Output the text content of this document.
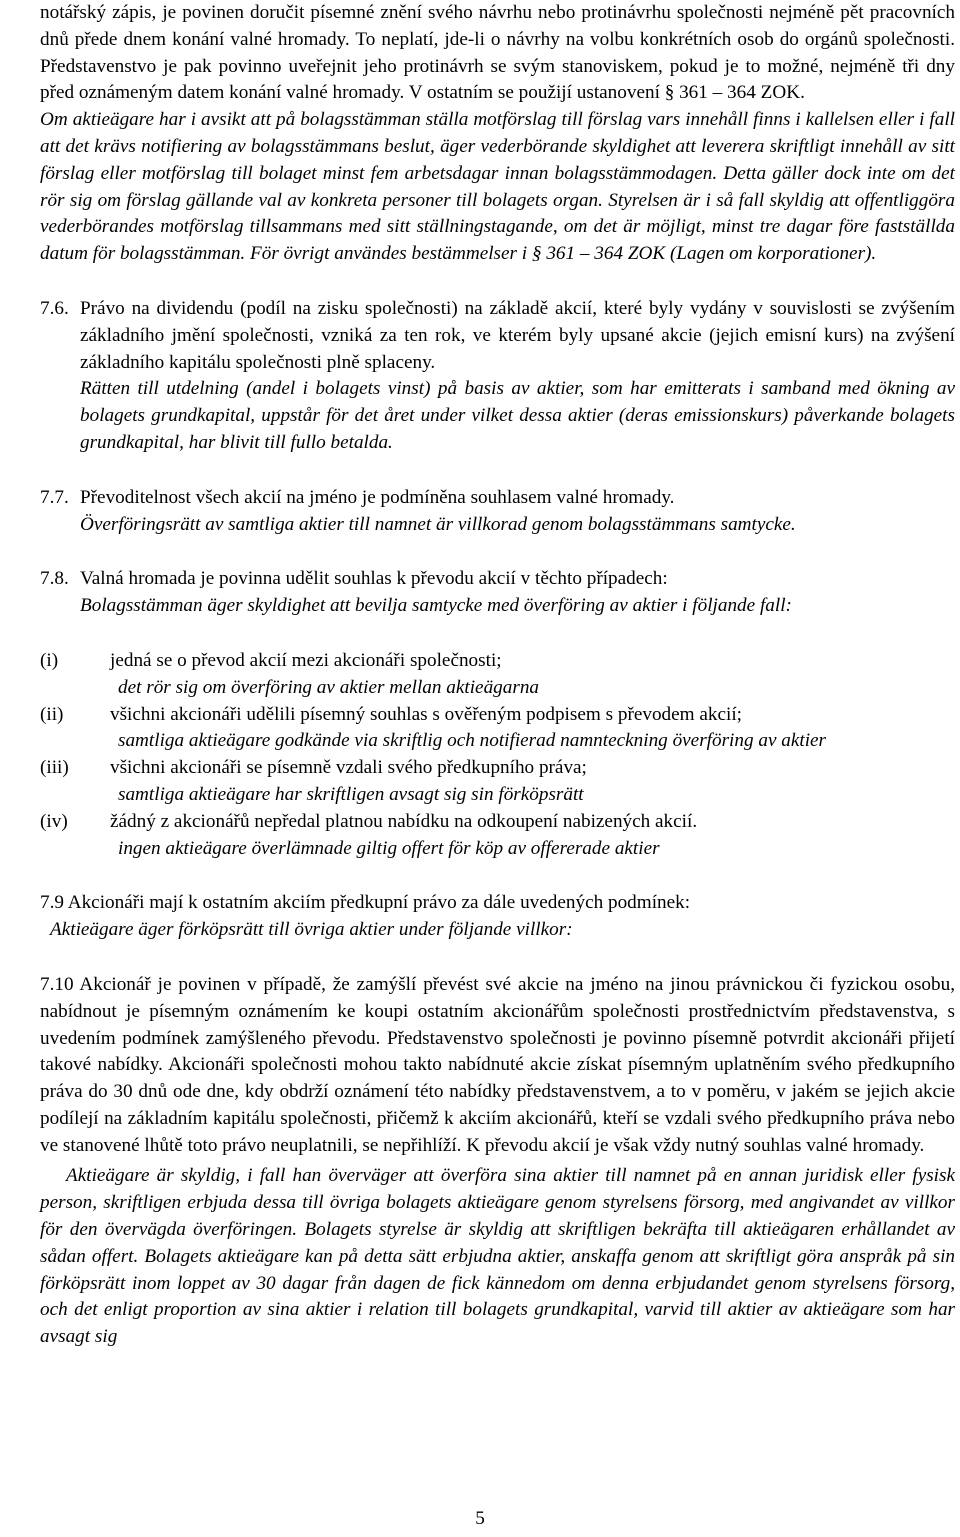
notářský zápis, je povinen doručit písemné znění svého návrhu nebo protinávrhu společnosti nejméně pět pracovních dnů přede dnem konání valné hromady. To neplatí, jde-li o návrhy na volbu konkrétních osob do orgánů společnosti. Představenstvo je pak povinno uveřejnit jeho protinávrh se svým stanoviskem, pokud je to možné, nejméně tři dny před oznámeným datem konání valné hromady. V ostatním se použijí ustanovení § 361 – 364 ZOK.

Om aktieägare har i avsikt att på bolagsstämman ställa motförslag till förslag vars innehåll finns i kallelsen eller i fall att det krävs notifiering av bolagsstämmans beslut, äger vederbörande skyldighet att leverera skriftligt innehåll av sitt förslag eller motförslag till bolaget minst fem arbetsdagar innan bolagsstämmodagen. Detta gäller dock inte om det rör sig om förslag gällande val av konkreta personer till bolagets organ. Styrelsen är i så fall skyldig att offentliggöra vederbörandes motförslag tillsammans med sitt ställningstagande, om det är möjligt, minst tre dagar före fastställda datum för bolagsstämman. För övrigt användes bestämmelser i § 361 – 364 ZOK (Lagen om korporationer).

7.6. Právo na dividendu (podíl na zisku společnosti) na základě akcií, které byly vydány v souvislosti se zvýšením základního jmění společnosti, vzniká za ten rok, ve kterém byly upsané akcie (jejich emisní kurs) na zvýšení základního kapitálu společnosti plně splaceny.

Rätten till utdelning (andel i bolagets vinst) på basis av aktier, som har emitterats i samband med ökning av bolagets grundkapital, uppstår för det året under vilket dessa aktier (deras emissionskurs) påverkande bolagets grundkapital, har blivit till fullo betalda.

7.7. Převoditelnost všech akcií na jméno je podmíněna souhlasem valné hromady.

Överföringsrätt av samtliga aktier till namnet är villkorad genom bolagsstämmans samtycke.

7.8. Valná hromada je povinna udělit souhlas k převodu akcií v těchto případech:

Bolagsstämman äger skyldighet att bevilja samtycke med överföring av aktier i följande fall:

(i)	jedná se o převod akcií mezi akcionáři společnosti;

det rör sig om överföring av aktier mellan aktieägarna

(ii)	všichni akcionáři udělili písemný souhlas s ověřeným podpisem s převodem akcií;

samtliga aktieägare godkände via skriftlig och notifierad namnteckning överföring av aktier

(iii)	všichni akcionáři se písemně vzdali svého předkupního práva;

samtliga aktieägare har skriftligen avsagt sig sin förköpsrätt

(iv)	žádný z akcionářů nepředal platnou nabídku na odkoupení nabizených akcií.

ingen aktieägare överlämnade giltig offert för köp av offererade aktier

7.9 Akcionáři mají k ostatním akciím předkupní právo za dále uvedených podmínek:

Aktieägare äger förköpsrätt till övriga aktier under följande villkor:

7.10 Akcionář je povinen v případě, že zamýšlí převést své akcie na jméno na jinou právnickou či fyzickou osobu, nabídnout je písemným oznámením ke koupi ostatním akcionářům společnosti prostřednictvím představenstva, s uvedením podmínek zamýšleného převodu. Představenstvo společnosti je povinno písemně potvrdit akcionáři přijetí takové nabídky. Akcionáři společnosti mohou takto nabídnuté akcie získat písemným uplatněním svého předkupního práva do 30 dnů ode dne, kdy obdrží oznámení této nabídky představenstvem, a to v poměru, v jakém se jejich akcie podílejí na základním kapitálu společnosti, přičemž k akciím akcionářů, kteří se vzdali svého předkupního práva nebo ve stanovené lhůtě toto právo neuplatnili, se nepřihlíží. K převodu akcií je však vždy nutný souhlas valné hromady.

Aktieägare är skyldig, i fall han överväger att överföra sina aktier till namnet på en annan juridisk eller fysisk person, skriftligen erbjuda dessa till övriga bolagets aktieägare genom styrelsens försorg, med angivandet av villkor för den övervägda överföringen. Bolagets styrelse är skyldig att skriftligen bekräfta till aktieägaren erhållandet av sådan offert. Bolagets aktieägare kan på detta sätt erbjudna aktier, anskaffa genom att skriftligt göra anspråk på sin förköpsrätt inom loppet av 30 dagar från dagen de fick kännedom om denna erbjudandet genom styrelsens försorg, och det enligt proportion av sina aktier i relation till bolagets grundkapital, varvid till aktier av aktieägare som har avsagt sig

5
